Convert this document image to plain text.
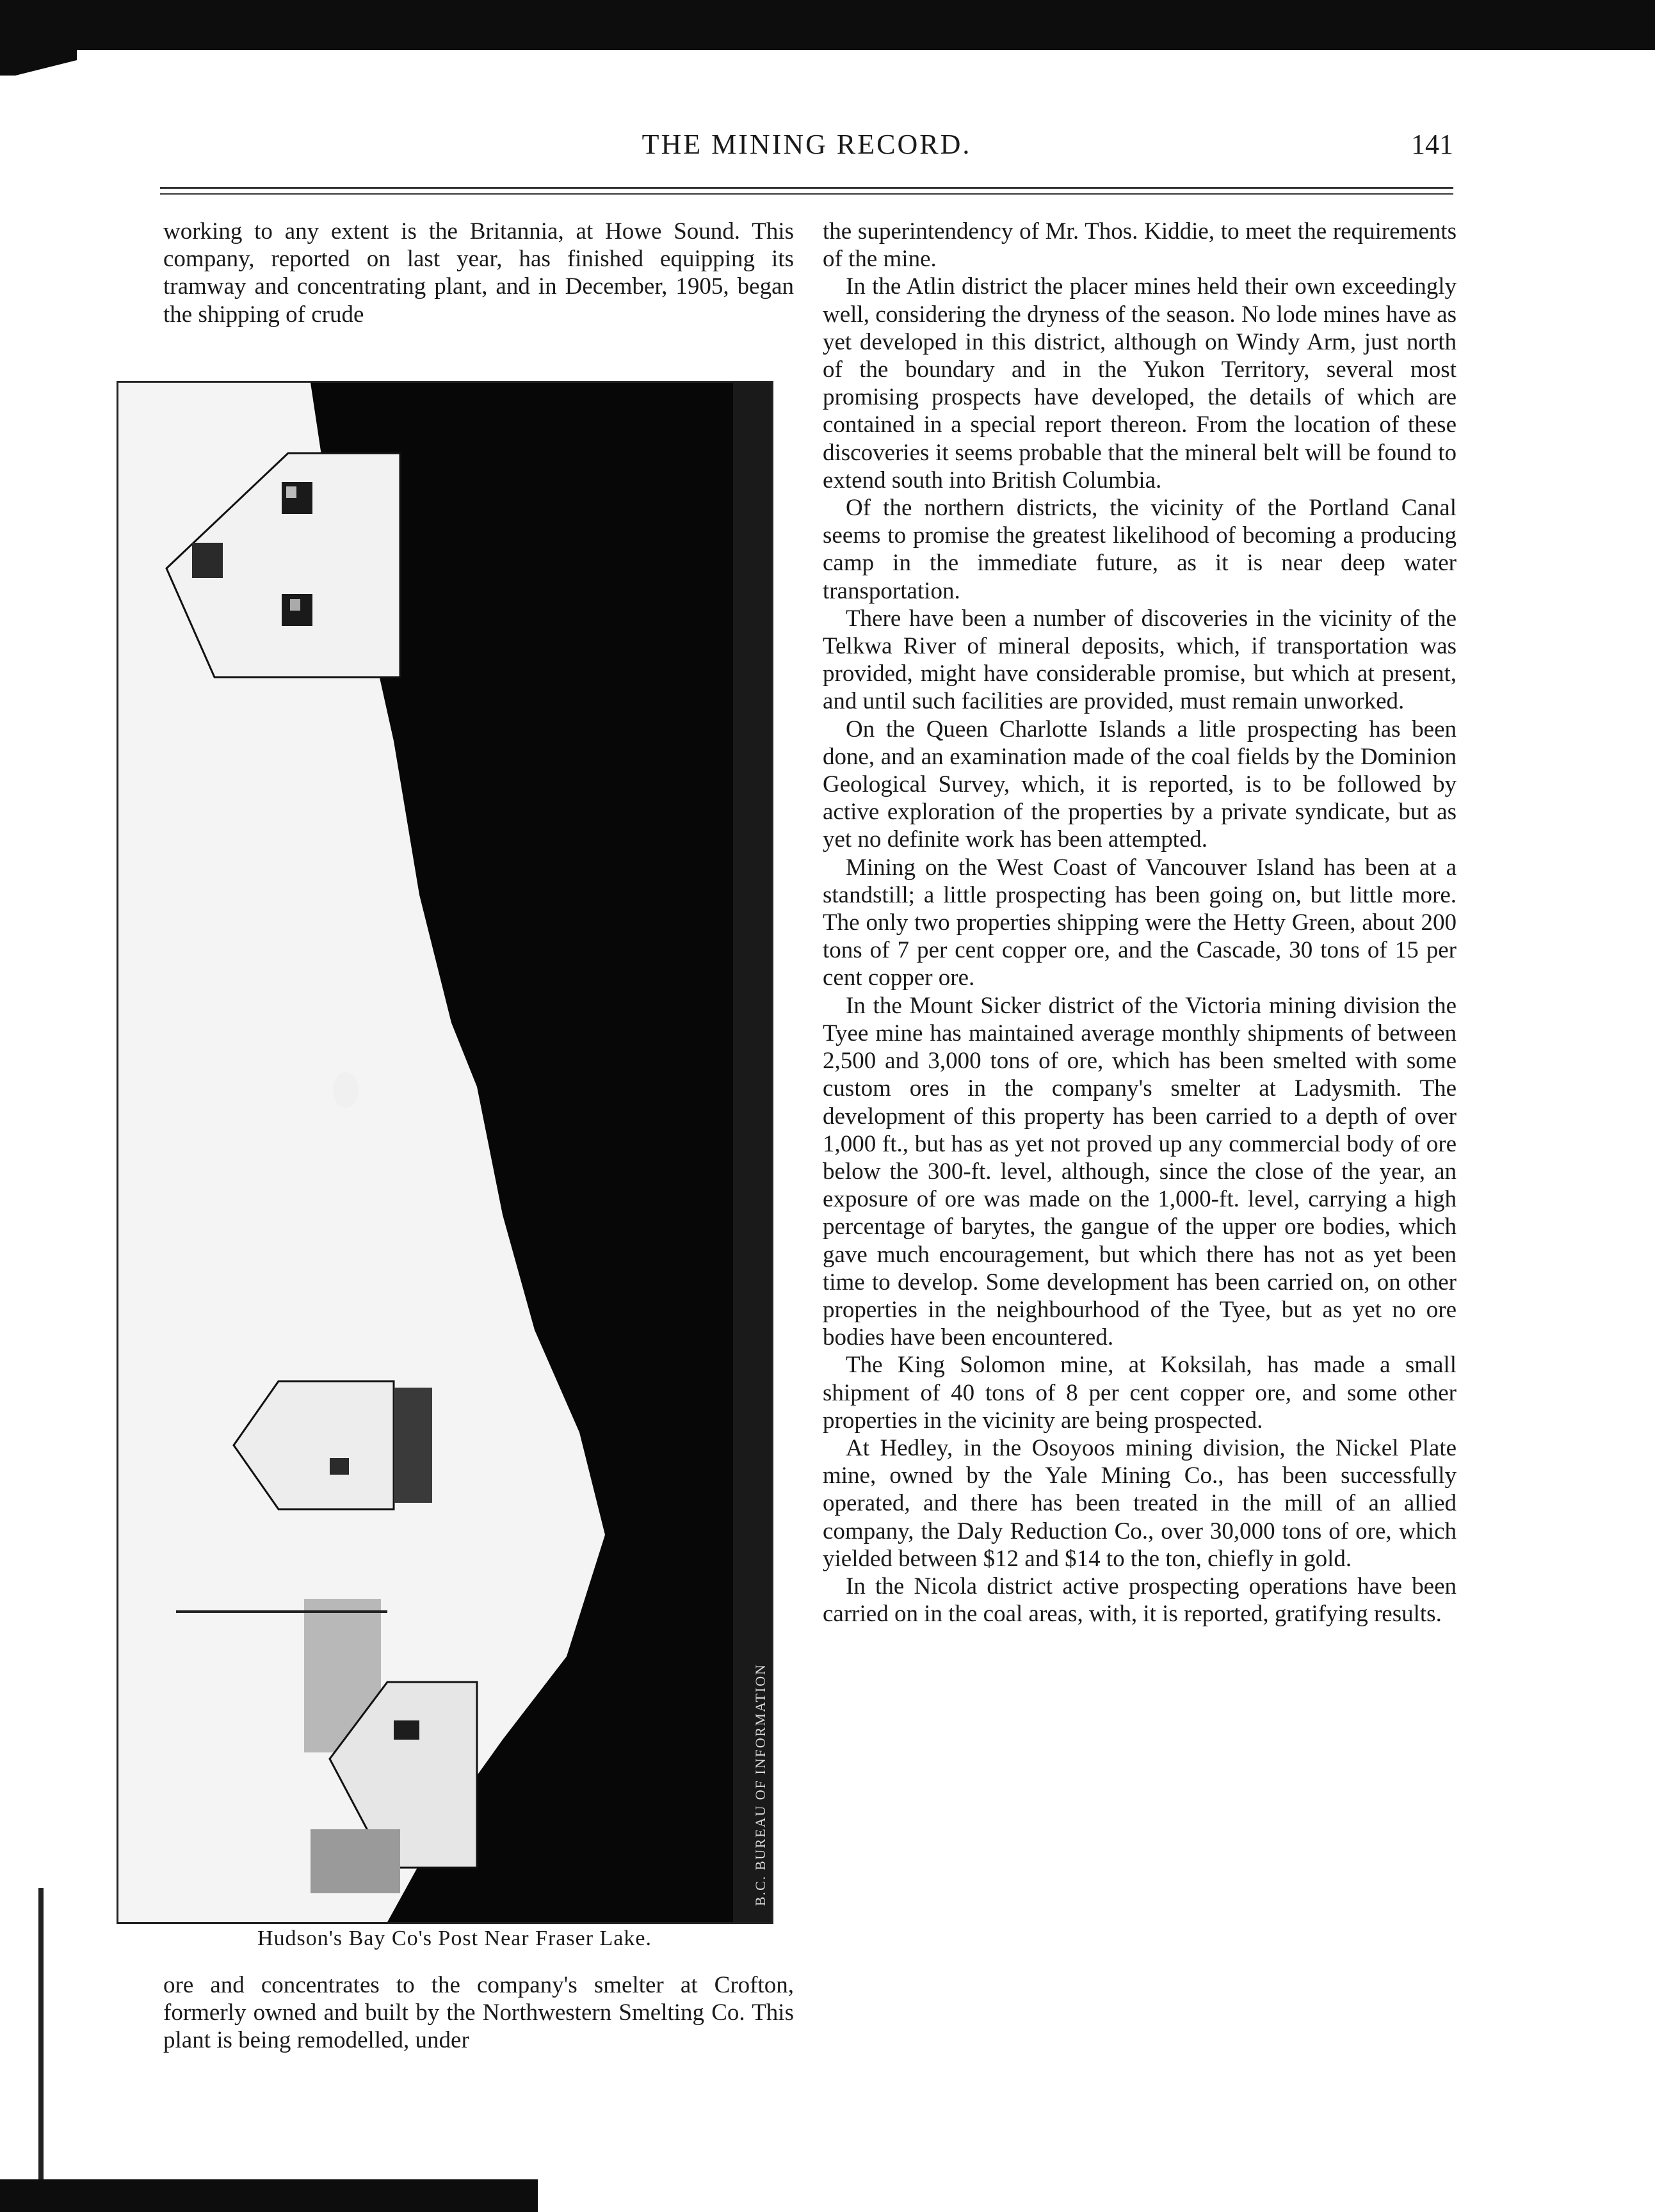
THE MINING RECORD.	141

working to any extent is the Britannia, at Howe Sound. This company, reported on last year, has finished equipping its tramway and concentrating plant, and in December, 1905, began the shipping of crude

B.C. BUREAU OF INFORMATION
Hudson's Bay Co's Post Near Fraser Lake.

ore and concentrates to the company's smelter at Crofton, formerly owned and built by the Northwestern Smelting Co. This plant is being remodelled, under

the superintendency of Mr. Thos. Kiddie, to meet the requirements of the mine.

In the Atlin district the placer mines held their own exceedingly well, considering the dryness of the season. No lode mines have as yet developed in this district, although on Windy Arm, just north of the boundary and in the Yukon Territory, several most promising prospects have developed, the details of which are contained in a special report thereon. From the location of these discoveries it seems probable that the mineral belt will be found to extend south into British Columbia.

Of the northern districts, the vicinity of the Portland Canal seems to promise the greatest likelihood of becoming a producing camp in the immediate future, as it is near deep water transportation.

There have been a number of discoveries in the vicinity of the Telkwa River of mineral deposits, which, if transportation was provided, might have considerable promise, but which at present, and until such facilities are provided, must remain unworked.

On the Queen Charlotte Islands a litle prospecting has been done, and an examination made of the coal fields by the Dominion Geological Survey, which, it is reported, is to be followed by active exploration of the properties by a private syndicate, but as yet no definite work has been attempted.

Mining on the West Coast of Vancouver Island has been at a standstill; a little prospecting has been going on, but little more. The only two properties shipping were the Hetty Green, about 200 tons of 7 per cent copper ore, and the Cascade, 30 tons of 15 per cent copper ore.

In the Mount Sicker district of the Victoria mining division the Tyee mine has maintained average monthly shipments of between 2,500 and 3,000 tons of ore, which has been smelted with some custom ores in the company's smelter at Ladysmith. The development of this property has been carried to a depth of over 1,000 ft., but has as yet not proved up any commercial body of ore below the 300-ft. level, although, since the close of the year, an exposure of ore was made on the 1,000-ft. level, carrying a high percentage of barytes, the gangue of the upper ore bodies, which gave much encouragement, but which there has not as yet been time to develop. Some development has been carried on, on other properties in the neighbourhood of the Tyee, but as yet no ore bodies have been encountered.

The King Solomon mine, at Koksilah, has made a small shipment of 40 tons of 8 per cent copper ore, and some other properties in the vicinity are being prospected.

At Hedley, in the Osoyoos mining division, the Nickel Plate mine, owned by the Yale Mining Co., has been successfully operated, and there has been treated in the mill of an allied company, the Daly Reduction Co., over 30,000 tons of ore, which yielded between $12 and $14 to the ton, chiefly in gold.

In the Nicola district active prospecting operations have been carried on in the coal areas, with, it is reported, gratifying results.
